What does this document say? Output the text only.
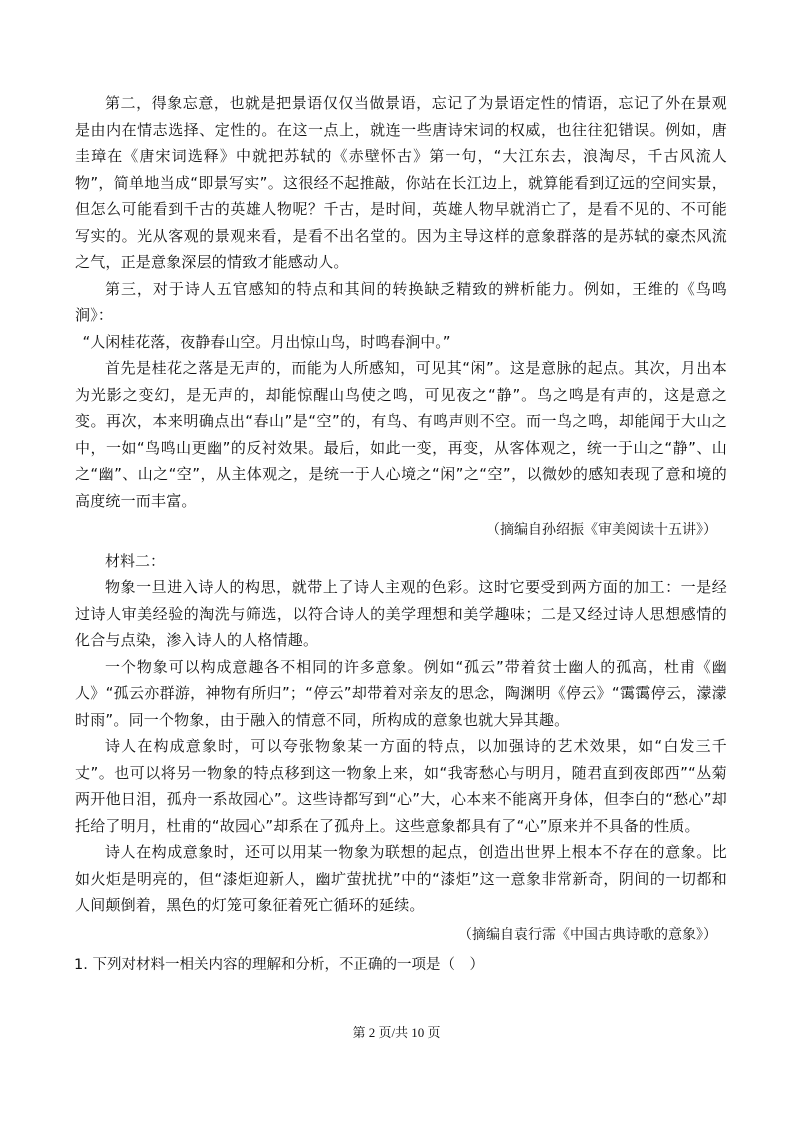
第二，得象忘意，也就是把景语仅仅当做景语，忘记了为景语定性的情语，忘记了外在景观是由内在情志选择、定性的。在这一点上，就连一些唐诗宋词的权威，也往往犯错误。例如，唐圭璋在《唐宋词选释》中就把苏轼的《赤壁怀古》第一句，“大江东去，浪淘尽，千古风流人物”，简单地当成“即景写实”。这很经不起推敲，你站在长江边上，就算能看到辽远的空间实景，但怎么可能看到千古的英雄人物呢？千古，是时间，英雄人物早就消亡了，是看不见的、不可能写实的。光从客观的景观来看，是看不出名堂的。因为主导这样的意象群落的是苏轼的豪杰风流之气，正是意象深层的情致才能感动人。

第三，对于诗人五官感知的特点和其间的转换缺乏精致的辨析能力。例如，王维的《鸟鸣涧》：

“人闲桂花落，夜静春山空。月出惊山鸟，时鸣春涧中。”

首先是桂花之落是无声的，而能为人所感知，可见其“闲”。这是意脉的起点。其次，月出本为光影之变幻，是无声的，却能惊醒山鸟使之鸣，可见夜之“静”。鸟之鸣是有声的，这是意之变。再次，本来明确点出“春山”是“空”的，有鸟、有鸣声则不空。而一鸟之鸣，却能闻于大山之中，一如“鸟鸣山更幽”的反衬效果。最后，如此一变，再变，从客体观之，统一于山之“静”、山之“幽”、山之“空”，从主体观之，是统一于人心境之“闲”之“空”，以微妙的感知表现了意和境的高度统一而丰富。

（摘编自孙绍振《审美阅读十五讲》）

材料二：

物象一旦进入诗人的构思，就带上了诗人主观的色彩。这时它要受到两方面的加工：一是经过诗人审美经验的淘洗与筛选，以符合诗人的美学理想和美学趣味；二是又经过诗人思想感情的化合与点染，渗入诗人的人格情趣。

一个物象可以构成意趣各不相同的许多意象。例如“孤云”带着贫士幽人的孤高，杜甫《幽人》“孤云亦群游，神物有所归”；“停云”却带着对亲友的思念，陶渊明《停云》“霭霭停云，濛濛时雨”。同一个物象，由于融入的情意不同，所构成的意象也就大异其趣。

诗人在构成意象时，可以夸张物象某一方面的特点，以加强诗的艺术效果，如“白发三千丈”。也可以将另一物象的特点移到这一物象上来，如“我寄愁心与明月，随君直到夜郎西”“丛菊两开他日泪，孤舟一系故园心”。这些诗都写到“心”大，心本来不能离开身体，但李白的“愁心”却托给了明月，杜甫的“故园心”却系在了孤舟上。这些意象都具有了“心”原来并不具备的性质。

诗人在构成意象时，还可以用某一物象为联想的起点，创造出世界上根本不存在的意象。比如火炬是明亮的，但“漆炬迎新人，幽圹萤扰扰”中的“漆炬”这一意象非常新奇，阴间的一切都和人间颠倒着，黑色的灯笼可象征着死亡循环的延续。

（摘编自袁行霈《中国古典诗歌的意象》）

1. 下列对材料一相关内容的理解和分析，不正确的一项是（　）

第 2 页/共 10 页
